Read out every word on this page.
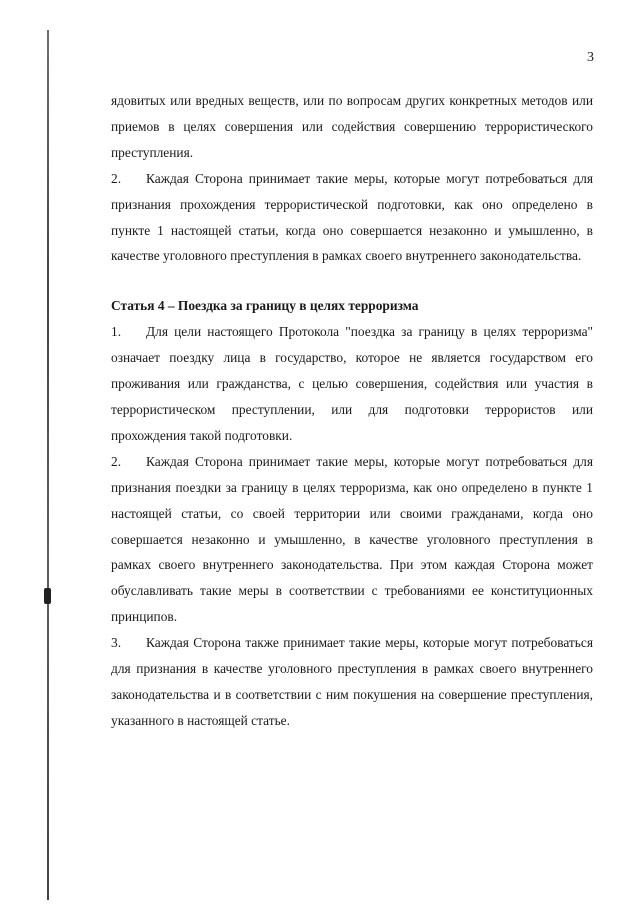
3

ядовитых или вредных веществ, или по вопросам других конкретных методов или приемов в целях совершения или содействия совершению террористического преступления.

2. Каждая Сторона принимает такие меры, которые могут потребоваться для признания прохождения террористической подготовки, как оно определено в пункте 1 настоящей статьи, когда оно совершается незаконно и умышленно, в качестве уголовного преступления в рамках своего внутреннего законодательства.

Статья 4 – Поездка за границу в целях терроризма

1. Для цели настоящего Протокола "поездка за границу в целях терроризма" означает поездку лица в государство, которое не является государством его проживания или гражданства, с целью совершения, содействия или участия в террористическом преступлении, или для подготовки террористов или прохождения такой подготовки.

2. Каждая Сторона принимает такие меры, которые могут потребоваться для признания поездки за границу в целях терроризма, как оно определено в пункте 1 настоящей статьи, со своей территории или своими гражданами, когда оно совершается незаконно и умышленно, в качестве уголовного преступления в рамках своего внутреннего законодательства. При этом каждая Сторона может обуславливать такие меры в соответствии с требованиями ее конституционных принципов.

3. Каждая Сторона также принимает такие меры, которые могут потребоваться для признания в качестве уголовного преступления в рамках своего внутреннего законодательства и в соответствии с ним покушения на совершение преступления, указанного в настоящей статье.
